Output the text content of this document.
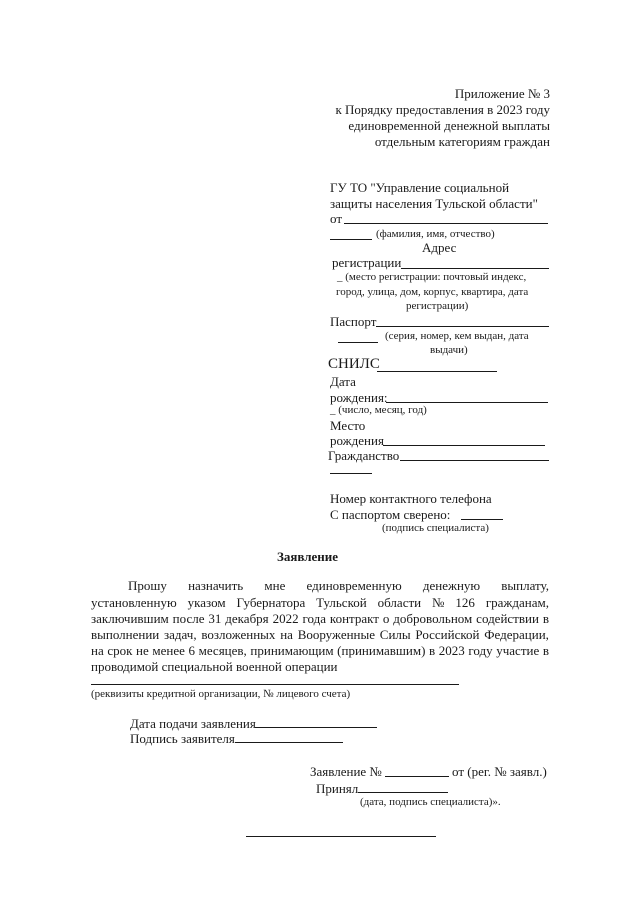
Приложение № 3
к Порядку предоставления в 2023 году
единовременной денежной выплаты
отдельным категориям граждан
ГУ ТО "Управление социальной
защиты населения Тульской области"
от
(фамилия, имя, отчество)
Адрес
регистрации
_ (место регистрации: почтовый индекс,
город, улица, дом, корпус, квартира, дата
регистрации)
Паспорт
(серия, номер, кем выдан, дата
выдачи)
СНИЛС
Дата
рождения:
_ (число, месяц, год)
Место
рождения
Гражданство
Номер контактного телефона
С паспортом сверено:
(подпись специалиста)
Заявление
Прошу назначить мне единовременную денежную выплату,
установленную указом Губернатора Тульской области № 126 гражданам,
заключившим после 31 декабря 2022 года контракт о добровольном содействии в
выполнении задач, возложенных на Вооруженные Силы Российской Федерации,
на срок не менее 6 месяцев, принимающим (принимавшим) в 2023 году участие в
проводимой специальной военной операции
(реквизиты кредитной организации, № лицевого счета)
Дата подачи заявления
Подпись заявителя
Заявление №	от (рег. № заявл.)
Принял
(дата, подпись специалиста)».
